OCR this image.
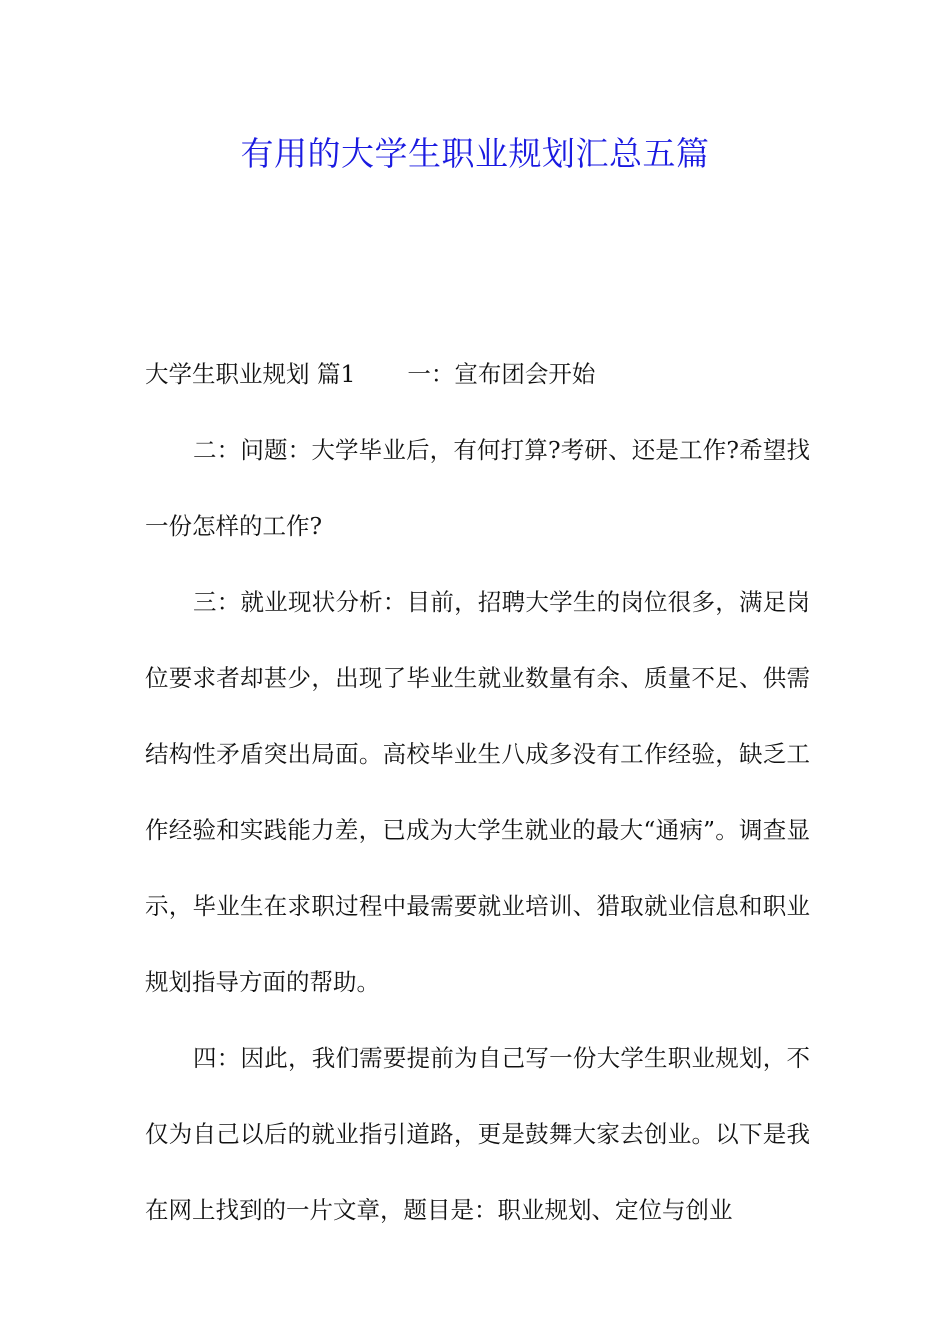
有用的大学生职业规划汇总五篇

大学生职业规划 篇1 一：宣布团会开始

二：问题：大学毕业后，有何打算?考研、还是工作?希望找一份怎样的工作?

三：就业现状分析：目前，招聘大学生的岗位很多，满足岗位要求者却甚少，出现了毕业生就业数量有余、质量不足、供需结构性矛盾突出局面。高校毕业生八成多没有工作经验，缺乏工作经验和实践能力差，已成为大学生就业的最大“通病”。调查显示，毕业生在求职过程中最需要就业培训、猎取就业信息和职业规划指导方面的帮助。

四：因此，我们需要提前为自己写一份大学生职业规划，不仅为自己以后的就业指引道路，更是鼓舞大家去创业。以下是我在网上找到的一片文章，题目是：职业规划、定位与创业
